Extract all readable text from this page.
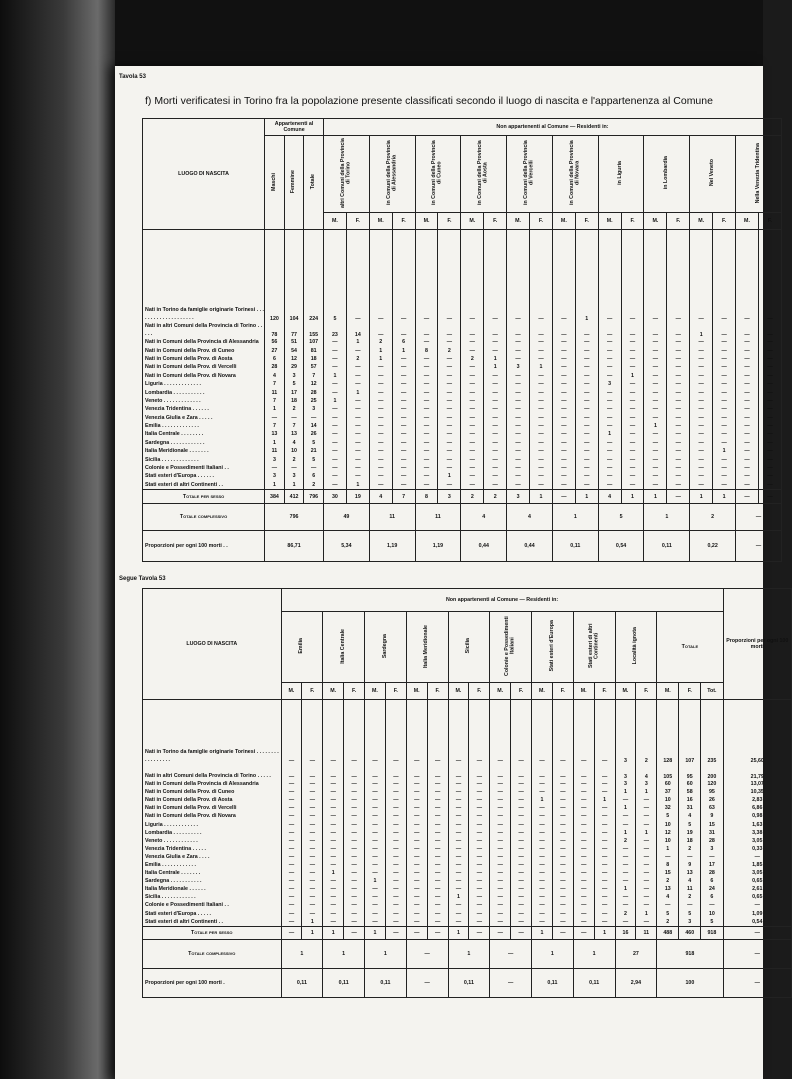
Tavola 53
f) Morti verificatesi in Torino fra la popolazione presente classificati secondo il luogo di nascita e l'appartenenza al Comune
LUOGO DI NASCITA	Appartenenti al Comune			Non appartenenti al Comune — Residenti in:																			
	Maschi	Femmine	Totale	altri Comuni della Provincia di Torino		in Comuni della Provincia di Alessandria		in Comuni della Provincia di Cuneo		in Comuni della Provincia di Aosta		in Comuni della Provincia di Vercelli		in Comuni della Provincia di Novara		in Liguria		in Lombardia		Nel Veneto		Nella Venezia Tridentina	
				M.	F.	M.	F.	M.	F.	M.	F.	M.	F.	M.	F.	M.	F.	M.	F.	M.	F.	M.	F.

Nati in Torino da famiglie originarie Torinesi . . . . . . . . . . . . . . . . . . . .	120	104	224	5	—	—	—	—	—	—	—	—	—	—	1	—	—	—	—	—	—	—	—
Nati in altri Comuni della Provincia di Torino . . . . .	78	77	155	23	14	—	—	—	—	—	—	—	—	—	—	—	—	—	—	1	—	—	—
Nati in Comuni della Provincia di Alessandria	56	51	107	—	1	2	6	—	—	—	—	—	—	—	—	—	—	—	—	—	—	—	—
Nati in Comuni della Prov. di Cuneo	27	54	81	—	—	1	1	8	2	—	—	—	—	—	—	—	—	—	—	—	—	—	—
Nati in Comuni della Prov. di Aosta	6	12	18	—	2	1	—	—	—	2	1	—	—	—	—	—	—	—	—	—	—	—	—
Nati in Comuni della Prov. di Vercelli	28	29	57	—	—	—	—	—	—	—	1	3	1	—	—	—	—	—	—	—	—	—	—
Nati in Comuni della Prov. di Novara	4	3	7	1	—	—	—	—	—	—	—	—	—	—	—	—	1	—	—	—	—	—	—
Liguria . . . . . . . . . . . . .	7	5	12	—	—	—	—	—	—	—	—	—	—	—	—	3	—	—	—	—	—	—	—
Lombardia . . . . . . . . . . .	11	17	28	—	1	—	—	—	—	—	—	—	—	—	—	—	—	—	—	—	—	—	—
Veneto . . . . . . . . . . . . .	7	18	25	1	—	—	—	—	—	—	—	—	—	—	—	—	—	—	—	—	—	—	—
Venezia Tridentina . . . . . .	1	2	3	—	—	—	—	—	—	—	—	—	—	—	—	—	—	—	—	—	—	—	—
Venezia Giulia e Zara . . . . .	—	—	—	—	—	—	—	—	—	—	—	—	—	—	—	—	—	—	—	—	—	—	—
Emilia . . . . . . . . . . . . .	7	7	14	—	—	—	—	—	—	—	—	—	—	—	—	—	—	1	—	—	—	—	—
Italia Centrale . . . . . . . .	13	13	26	—	—	—	—	—	—	—	—	—	—	—	—	1	—	—	—	—	—	—	—
Sardegna . . . . . . . . . . . .	1	4	5	—	—	—	—	—	—	—	—	—	—	—	—	—	—	—	—	—	—	—	—
Italia Meridionale . . . . . . .	11	10	21	—	—	—	—	—	—	—	—	—	—	—	—	—	—	—	—	—	1	—	—
Sicilia . . . . . . . . . . . . .	3	2	5	—	—	—	—	—	—	—	—	—	—	—	—	—	—	—	—	—	—	—	—
Colonie e Possedimenti Italiani . .	—	—	—	—	—	—	—	—	—	—	—	—	—	—	—	—	—	—	—	—	—	—	—
Stati esteri d'Europa . . . . . .	3	3	6	—	—	—	—	—	1	—	—	—	—	—	—	—	—	—	—	—	—	—	—
Stati esteri di altri Continenti . .	1	1	2	—	1	—	—	—	—	—	—	—	—	—	—	—	—	—	—	—	—	—	—
Totale per sesso	384	412	796	30	19	4	7	8	3	2	2	3	1	—	1	4	1	1	—	1	1	—	—
Totale complessivo	796			49		11		11		4		4		1		5		1		2		—	
Proporzioni per ogni 100 morti . .	86,71			5,34		1,19		1,19		0,44		0,44		0,11		0,54		0,11		0,22		—	
Segue Tavola 53
LUOGO DI NASCITA	Non appartenenti al Comune — Residenti in:																					Proporzioni per ogni 100 morti
	Emilia		Italia Centrale		Sardegna		Italia Meridionale		Sicilia		Colonie e Possedimenti Italiani		Stati esteri d'Europa		Stati esteri di altri Continenti		Località ignota		Totale			
	M.	F.	M.	F.	M.	F.	M.	F.	M.	F.	M.	F.	M.	F.	M.	F.	M.	F.	M.	F.	Tot.	

Nati in Torino da famiglie originarie Torinesi . . . . . . . . . . . . . . . . .	—	—	—	—	—	—	—	—	—	—	—	—	—	—	—	—	3	2	128	107	235	25,60
Nati in altri Comuni della Provincia di Torino . . . . .	—	—	—	—	—	—	—	—	—	—	—	—	—	—	—	—	3	4	105	95	200	21,79
Nati in Comuni della Provincia di Alessandria	—	—	—	—	—	—	—	—	—	—	—	—	—	—	—	—	3	3	60	60	120	13,07
Nati in Comuni della Prov. di Cuneo	—	—	—	—	—	—	—	—	—	—	—	—	—	—	—	—	1	1	37	58	95	10,35
Nati in Comuni della Prov. di Aosta	—	—	—	—	—	—	—	—	—	—	—	—	1	—	—	1	—	—	10	16	26	2,83
Nati in Comuni della Prov. di Vercelli	—	—	—	—	—	—	—	—	—	—	—	—	—	—	—	—	1	—	32	31	63	6,86
Nati in Comuni della Prov. di Novara	—	—	—	—	—	—	—	—	—	—	—	—	—	—	—	—	—	—	5	4	9	0,98
Liguria . . . . . . . . . . . .	—	—	—	—	—	—	—	—	—	—	—	—	—	—	—	—	—	—	10	5	15	1,63
Lombardia . . . . . . . . . .	—	—	—	—	—	—	—	—	—	—	—	—	—	—	—	—	1	1	12	19	31	3,38
Veneto . . . . . . . . . . . .	—	—	—	—	—	—	—	—	—	—	—	—	—	—	—	—	2	—	10	18	28	3,05
Venezia Tridentina . . . . .	—	—	—	—	—	—	—	—	—	—	—	—	—	—	—	—	—	—	1	2	3	0,33
Venezia Giulia e Zara . . . .	—	—	—	—	—	—	—	—	—	—	—	—	—	—	—	—	—	—	—	—	—	—
Emilia . . . . . . . . . . . .	—	—	—	—	—	—	—	—	—	—	—	—	—	—	—	—	—	—	8	9	17	1,85
Italia Centrale . . . . . . .	—	—	1	—	—	—	—	—	—	—	—	—	—	—	—	—	—	—	15	13	28	3,05
Sardegna . . . . . . . . . . .	—	—	—	—	1	—	—	—	—	—	—	—	—	—	—	—	—	—	2	4	6	0,65
Italia Meridionale . . . . . .	—	—	—	—	—	—	—	—	—	—	—	—	—	—	—	—	1	—	13	11	24	2,61
Sicilia . . . . . . . . . . . .	—	—	—	—	—	—	—	—	1	—	—	—	—	—	—	—	—	—	4	2	6	0,65
Colonie e Possedimenti Italiani . .	—	—	—	—	—	—	—	—	—	—	—	—	—	—	—	—	—	—	—	—	—	—
Stati esteri d'Europa . . . . .	—	—	—	—	—	—	—	—	—	—	—	—	—	—	—	—	2	1	5	5	10	1,09
Stati esteri di altri Continenti . .	—	1	—	—	—	—	—	—	—	—	—	—	—	—	—	—	—	—	2	3	5	0,54
Totale per sesso	—	1	1	—	1	—	—	—	1	—	—	—	1	—	—	1	16	11	488	460	918	—
Totale complessivo	1		1		1		—		1		—		1		1		27		918			—
Proporzioni per ogni 100 morti .	0,11		0,11		0,11		—		0,11		—		0,11		0,11		2,94		100			—
